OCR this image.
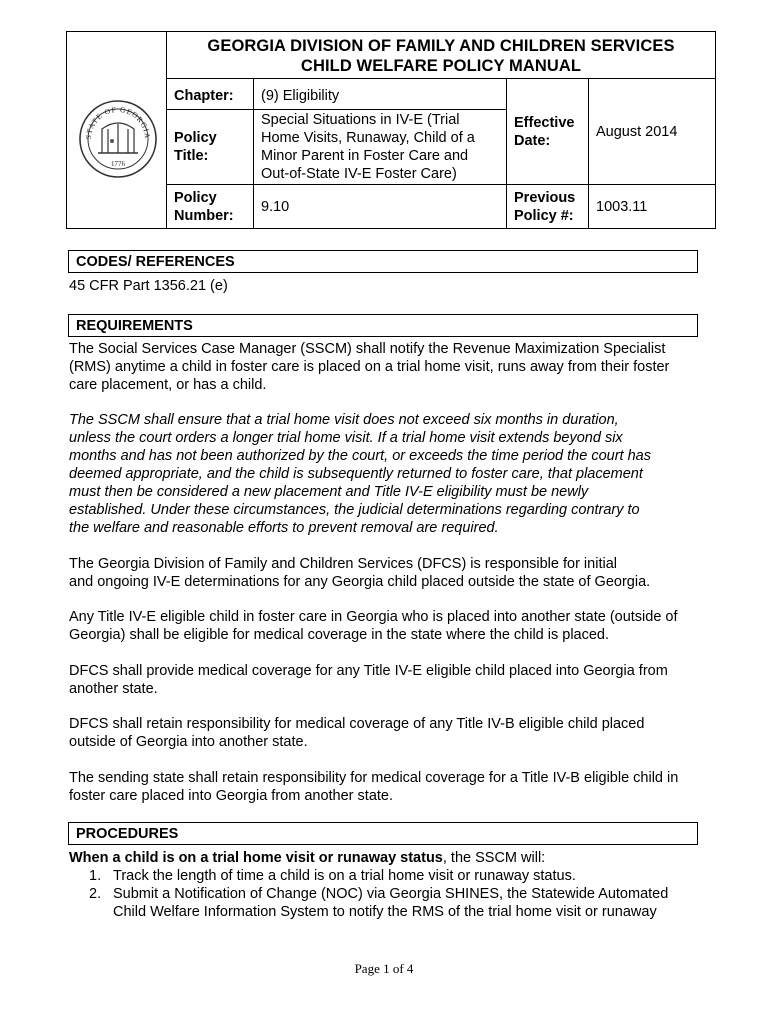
GEORGIA DIVISION OF FAMILY AND CHILDREN SERVICES
CHILD WELFARE POLICY MANUAL
STATE OF GEORGIA
1776
Chapter: (9) Eligibility
Policy
Title:
Special Situations in IV-E (Trial
Home Visits, Runaway, Child of a
Minor Parent in Foster Care and
Out-of-State IV-E Foster Care)
Effective
Date:
August 2014
Policy
Number:
9.10
Previous
Policy #:
1003.11
CODES/ REFERENCES
45 CFR Part 1356.21 (e)
REQUIREMENTS
The Social Services Case Manager (SSCM) shall notify the Revenue Maximization Specialist
(RMS) anytime a child in foster care is placed on a trial home visit, runs away from their foster
care placement, or has a child.
The SSCM shall ensure that a trial home visit does not exceed six months in duration,
unless the court orders a longer trial home visit. If a trial home visit extends beyond six
months and has not been authorized by the court, or exceeds the time period the court has
deemed appropriate, and the child is subsequently returned to foster care, that placement
must then be considered a new placement and Title IV-E eligibility must be newly
established. Under these circumstances, the judicial determinations regarding contrary to
the welfare and reasonable efforts to prevent removal are required.
The Georgia Division of Family and Children Services (DFCS) is responsible for initial
and ongoing IV-E determinations for any Georgia child placed outside the state of Georgia.
Any Title IV-E eligible child in foster care in Georgia who is placed into another state (outside of
Georgia) shall be eligible for medical coverage in the state where the child is placed.
DFCS shall provide medical coverage for any Title IV-E eligible child placed into Georgia from
another state.
DFCS shall retain responsibility for medical coverage of any Title IV-B eligible child placed
outside of Georgia into another state.
The sending state shall retain responsibility for medical coverage for a Title IV-B eligible child in
foster care placed into Georgia from another state.
PROCEDURES
When a child is on a trial home visit or runaway status, the SSCM will:
1. Track the length of time a child is on a trial home visit or runaway status.
2. Submit a Notification of Change (NOC) via Georgia SHINES, the Statewide Automated
Child Welfare Information System to notify the RMS of the trial home visit or runaway
Page 1 of 4
